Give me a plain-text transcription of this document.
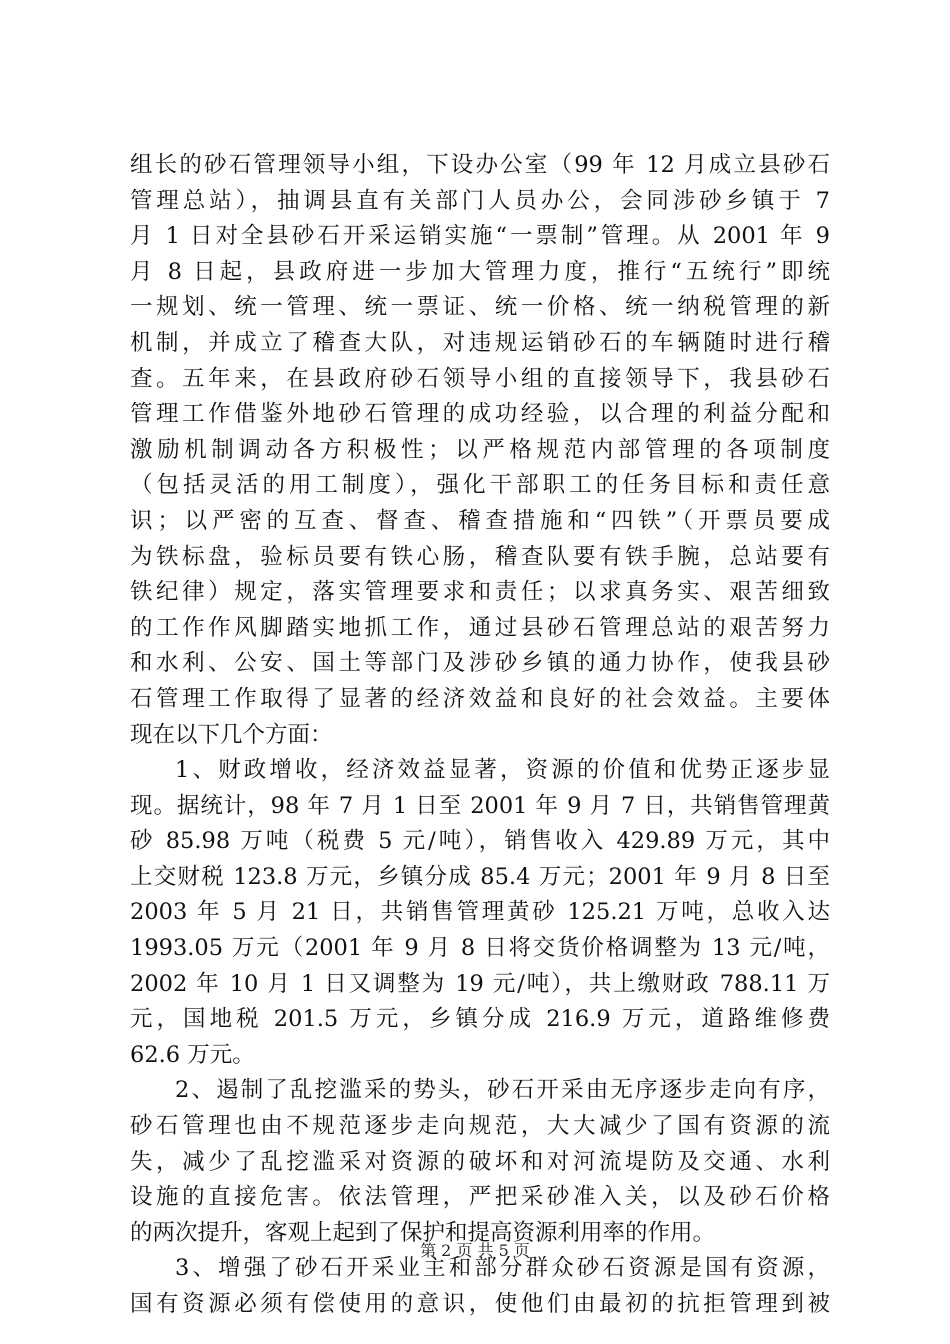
组长的砂石管理领导小组，下设办公室（99 年 12 月成立县砂石
管理总站），抽调县直有关部门人员办公，会同涉砂乡镇于 7
月 1 日对全县砂石开采运销实施“一票制”管理。从 2001 年 9
月 8 日起，县政府进一步加大管理力度，推行“五统行”即统
一规划、统一管理、统一票证、统一价格、统一纳税管理的新
机制，并成立了稽查大队，对违规运销砂石的车辆随时进行稽
查。五年来，在县政府砂石领导小组的直接领导下，我县砂石
管理工作借鉴外地砂石管理的成功经验，以合理的利益分配和
激励机制调动各方积极性；以严格规范内部管理的各项制度
（包括灵活的用工制度），强化干部职工的任务目标和责任意
识；以严密的互查、督查、稽查措施和“四铁”（开票员要成
为铁标盘，验标员要有铁心肠，稽查队要有铁手腕，总站要有
铁纪律）规定，落实管理要求和责任；以求真务实、艰苦细致
的工作作风脚踏实地抓工作，通过县砂石管理总站的艰苦努力
和水利、公安、国土等部门及涉砂乡镇的通力协作，使我县砂
石管理工作取得了显著的经济效益和良好的社会效益。主要体
现在以下几个方面：
1、财政增收，经济效益显著，资源的价值和优势正逐步显
现。据统计，98 年 7 月 1 日至 2001 年 9 月 7 日，共销售管理黄
砂 85.98 万吨（税费 5 元/吨），销售收入 429.89 万元，其中
上交财税 123.8 万元，乡镇分成 85.4 万元；2001 年 9 月 8 日至
2003 年 5 月 21 日，共销售管理黄砂 125.21 万吨，总收入达
1993.05 万元（2001 年 9 月 8 日将交货价格调整为 13 元/吨，
2002 年 10 月 1 日又调整为 19 元/吨），共上缴财政 788.11 万
元，国地税 201.5 万元，乡镇分成 216.9 万元，道路维修费
62.6 万元。
2、遏制了乱挖滥采的势头，砂石开采由无序逐步走向有序，
砂石管理也由不规范逐步走向规范，大大减少了国有资源的流
失，减少了乱挖滥采对资源的破坏和对河流堤防及交通、水利
设施的直接危害。依法管理，严把采砂准入关，以及砂石价格
的两次提升，客观上起到了保护和提高资源利用率的作用。
3、增强了砂石开采业主和部分群众砂石资源是国有资源，
国有资源必须有偿使用的意识，使他们由最初的抗拒管理到被
第 2 页 共 5 页
